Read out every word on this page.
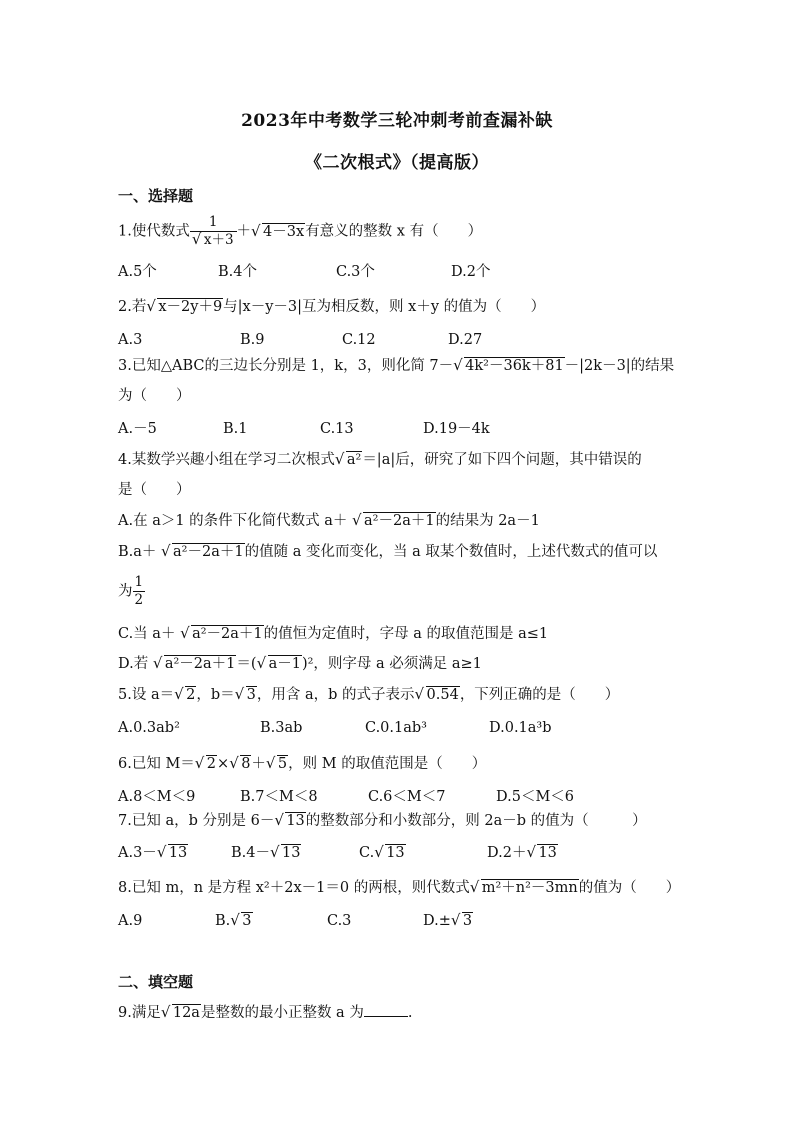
2023年中考数学三轮冲刺考前查漏补缺
《二次根式》（提高版）
一、选择题
1.使代数式 1
√ x＋3 ＋ √ 4－3x有意义的整数 x 有（　　）
A.5个	B.4个	C.3个	D.2个
2.若 √ x－2y＋9与|x－y－3|互为相反数，则 x＋y 的值为（　　）
A.3	B.9	C.12	D.27
3.已知△ABC的三边长分别是 1，k，3，则化简 7－ √ 4k²－36k＋81－|2k－3|的结果
为（　　）
A.－5	B.1	C.13	D.19－4k
4.某数学兴趣小组在学习二次根式 √ a²＝|a|后，研究了如下四个问题，其中错误的
是（　　）
A.在 a＞1 的条件下化简代数式 a＋ √ a²－2a＋1的结果为 2a－1
B.a＋ √ a²－2a＋1的值随 a 变化而变化，当 a 取某个数值时，上述代数式的值可以
为 $\frac{1}{2}$
C.当 a＋ √ a²－2a＋1的值恒为定值时，字母 a 的取值范围是 a≤1
D.若 √ a²－2a＋1＝( √ a－1)²，则字母 a 必须满足 a≥1
5.设 a＝ √ 2，b＝ √ 3，用含 a，b 的式子表示 √ 0.54，下列正确的是（　　）
A.0.3ab²	B.3ab	C.0.1ab³	D.0.1a³b
6.已知 M＝ √ 2× √ 8＋ √ 5，则 M 的取值范围是（　　）
A.8＜M＜9	B.7＜M＜8	C.6＜M＜7	D.5＜M＜6
7.已知 a，b 分别是 6－ √ 13的整数部分和小数部分，则 2a－b 的值为（　　　）
A.3－ √ 13	B.4－ √ 13	C. √ 13	D.2＋ √ 13
8.已知 m，n 是方程 x²＋2x－1＝0 的两根，则代数式 √ m²＋n²－3mn的值为（　　）
A.9	B. √ 3	C.3	D.± √ 3
二、填空题
9.满足 √ 12a是整数的最小正整数 a 为	.
